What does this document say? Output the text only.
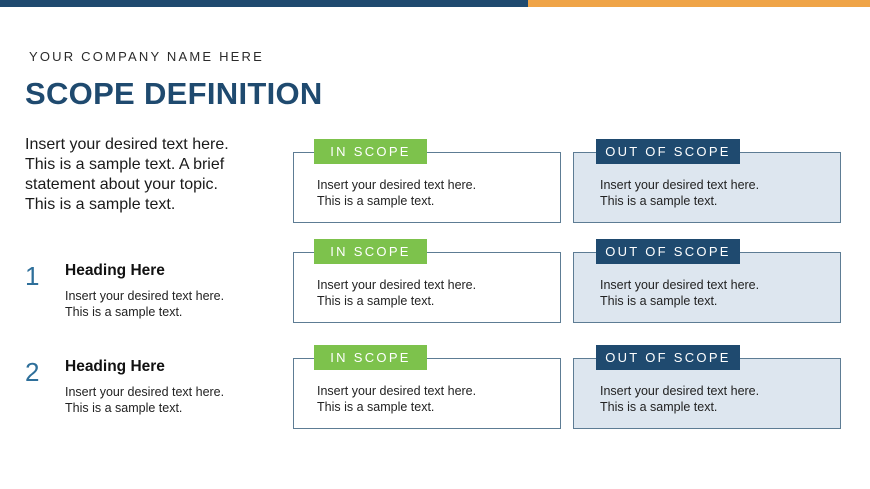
YOUR COMPANY NAME HERE
SCOPE DEFINITION
Insert your desired text here.
This is a sample text. A brief
statement about your topic.
This is a sample text.
1 Heading Here
Insert your desired text here.
This is a sample text.
2 Heading Here
Insert your desired text here.
This is a sample text.
Insert your desired text here.
This is a sample text.
IN SCOPE
Insert your desired text here.
This is a sample text.
OUT OF SCOPE
Insert your desired text here.
This is a sample text.
IN SCOPE
Insert your desired text here.
This is a sample text.
OUT OF SCOPE
Insert your desired text here.
This is a sample text.
IN SCOPE
Insert your desired text here.
This is a sample text.
OUT OF SCOPE
